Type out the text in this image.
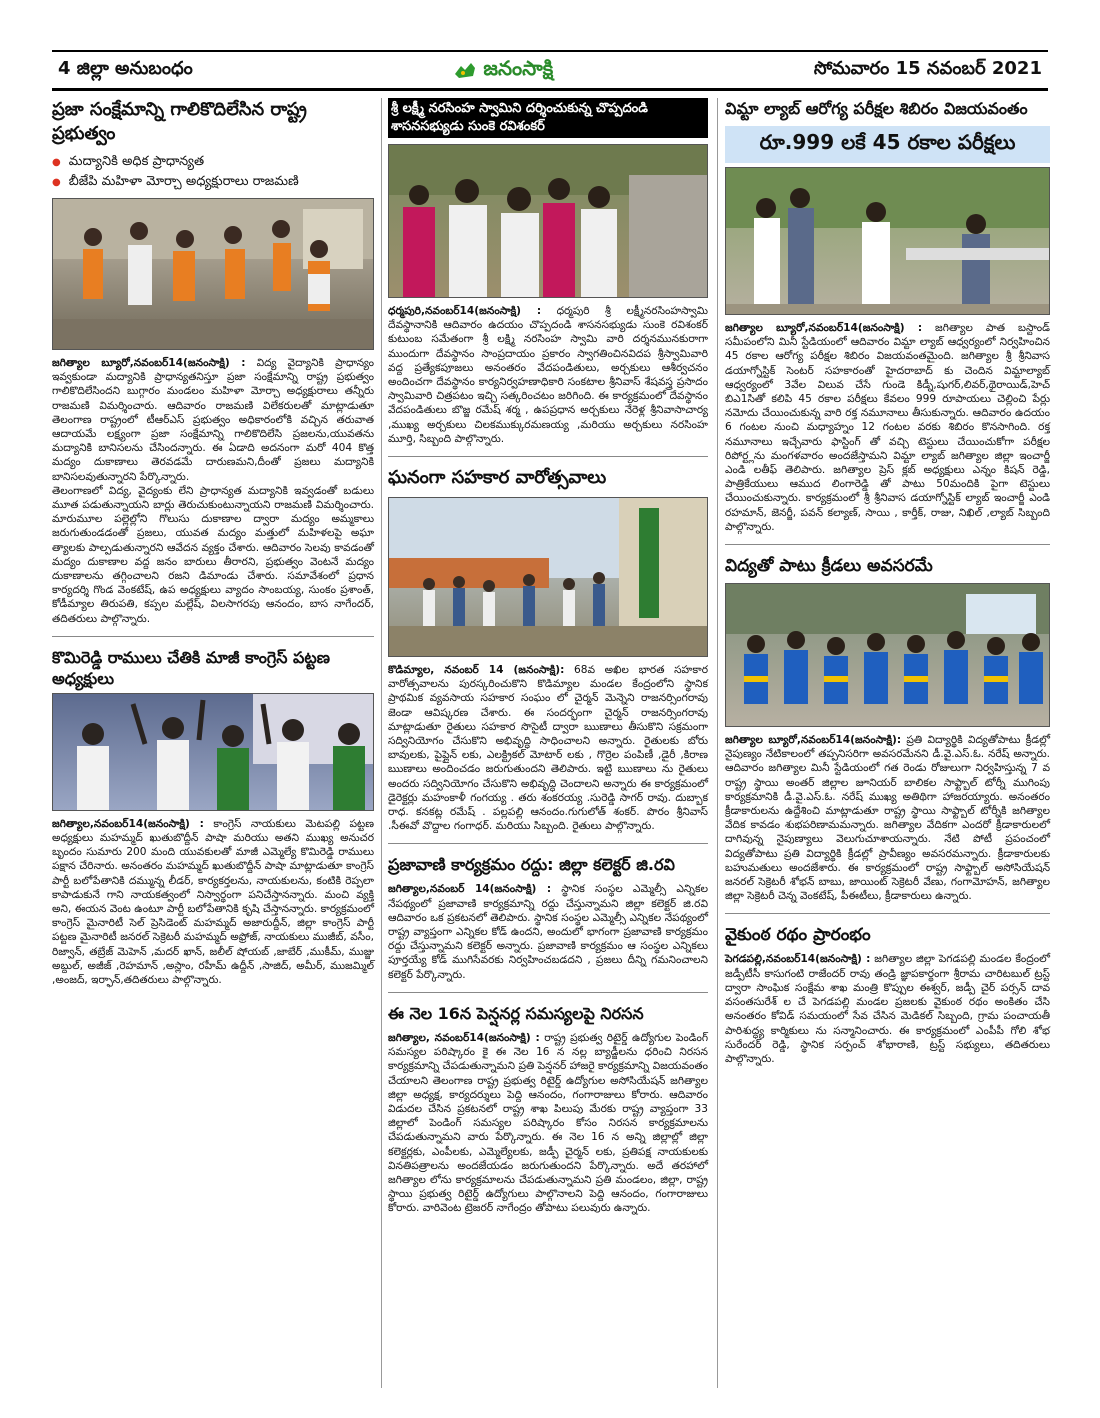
4 జిల్లా అనుబంధం	జనంసాక్షి	సోమవారం 15 నవంబర్ 2021
ప్రజా సంక్షేమాన్ని గాలికొదిలేసిన రాష్ట్ర ప్రభుత్వం
● మద్యానికి అధిక ప్రాధాన్యత
● బీజేపి మహిళా మోర్చా అధ్యక్షురాలు రాజమణి

జగిత్యాల బ్యూరో,నవంబర్14(జనంసాక్షి) : విద్య వైద్యానికి ప్రాధాన్యం ఇవ్వకుండా మద్యానికి ప్రాధాన్యతనిస్తూ ప్రజా సంక్షేమాన్ని రాష్ట్ర ప్రభుత్వం గాలికొదిలేసిందని బుగ్గారం మండలం మహిళా మోర్చా అధ్యక్షురాలు తన్నీరు రాజమణి విమర్శించారు. ఆదివారం రాజమణి విలేకరులతో మాట్లాడుతూ తెలంగాణ రాష్ట్రంలో టీఆర్ఎస్ ప్రభుత్వం అధికారంలోకి వచ్చిన తరువాత ఆదాయమే లక్ష్యంగా ప్రజా సంక్షేమాన్ని గాలికొదిలేసి ప్రజలను,యువతను మద్యానికి బానిసలను చేసిందన్నారు. ఈ ఏడాది అదనంగా మరో 404 కొత్త మద్యం దుకాణాలు తెరవడమే దారుణమని,దీంతో ప్రజలు మద్యానికి బానిసలవుతున్నారని పేర్కొన్నారు.

తెలంగాణలో విద్య, వైద్యంకు లేని ప్రాధాన్యత మద్యానికి ఇవ్వడంతో బడులు మూత పడుతున్నాయని బార్లు తెరుచుకుంటున్నాయని రాజమణి విమర్శించారు. మారుమూల పల్లెల్లోని గొలుసు దుకాణాల ద్వారా మద్యం అమ్మకాలు జరుగుతుండడంతో ప్రజలు, యువత మద్యం మత్తులో మహిళలపై అఘా త్యాలకు పాల్పడుతున్నారని ఆవేదన వ్యక్తం చేశారు. ఆదివారం సెలవు కావడంతో మద్యం దుకాణాల వద్ద జనం బారులు తీరారని, ప్రభుత్వం వెంటనే మద్యం దుకాణాలను తగ్గించాలని రజని డిమాండు చేశారు. సమావేశంలో ప్రధాన కార్యదర్శి గొండ వెంకటేష్, ఉప అధ్యక్షులు వ్యాదం సాంబయ్య, సుంకం ప్రశాంత్, కోడీమ్యాల తిరుపతి, కప్పల మల్లేష్, విలసాగరపు ఆనందం, బాస నాగేందర్, తదితరులు పాల్గొన్నారు.

కొమిరెడ్డి రాములు చేతికి మాజీ కాంగ్రెస్ పట్టణ అధ్యక్షులు

జగిత్యాల,నవంబర్14(జనంసాక్షి) : కాంగ్రెస్ నాయకులు మెటపల్లి పట్టణ అధ్యక్షులు మహమ్మద్ ఖుతుబొద్దీన్ పాషా మరియు అతని ముఖ్య అనుచర బృందం సుమారు 200 మంది యువకులతో మాజీ ఎమ్మెల్యే కొమిరెడ్డి రాములు పక్షాన చేరినారు. అనంతరం మహమ్మద్ ఖుతుబొద్దీన్ పాషా మాట్లాడుతూ కాంగ్రెస్ పార్టీ బలోపేతానికి దమ్మున్న లీడర్, కార్యకర్తలను, నాయకులను, కంటికి రెప్పలా కాపాడుకునే గాని నాయకత్వంలో నిస్వార్థంగా పనిచేస్తానన్నారు. మంచి వ్యక్తి అని, ఈయన వెంట ఉంటూ పార్టీ బలోపేతానికి కృషి చేస్తానన్నారు. కార్యక్రమంలో కాంగ్రెస్ మైనారిటీ సెల్ ప్రెసిడెంట్ మహమ్మద్ అజారుద్దీన్, జిల్లా కాంగ్రెస్ పార్టీ పట్టణ మైనారిటీ జనరల్ సెక్రెటరీ మహమ్మద్ అఫ్రోజ్, నాయకులు ముజీబ్, వసీం, రిజ్వాన్, తబ్రేజ్ మెహెన్ ,మదర్ ఖాన్, జలీల్ షోయబ్ ,జాబేర్ ,ముకీమ్, ముజ్జు అబ్దుల్, అజీజ్ ,రెహమాన్ ,అస్లాం, రహీమ్ ఉద్దీన్ ,సాజిద్, అమీర్, ముజమ్మిల్ ,అంజద్, ఇర్ఫాన్,తదితరులు పాల్గొన్నారు.

శ్రీ లక్ష్మీ నరసింహ స్వామిని దర్శించుకున్న చొప్పదండి శాసనసభ్యుడు సుంకె రవిశంకర్

ధర్మపురి,నవంబర్14(జనంసాక్షి) : ధర్మపురి శ్రీ లక్ష్మీనరసింహస్వామి దేవస్థానానికి ఆదివారం ఉదయం చొప్పదండి శాసనసభ్యుడు సుంకె రవిశంకర్ కుటుంబ సమేతంగా శ్రీ లక్ష్మి నరసింహ స్వామి వారి దర్శనమునకురాగా ముందుగా దేవస్థానం సాంప్రదాయం ప్రకారం స్వాగతించినవిదప శ్రీస్వామివారి వద్ద ప్రత్యేకపూజలు అనంతరం వేదపండితులు, అర్చకులు ఆశీర్వచనం అందించగా దేవస్థానం కార్యనిర్వహణాధికారి సంకటాల శ్రీనివాస్ శేషవస్త్ర ప్రసాదం స్వామివారి చిత్రపటం ఇచ్చి సత్కరించటం జరిగింది. ఈ కార్యక్రమంలో దేవస్థానం వేదపండితులు బొజ్జ రమేష్ శర్మ , ఉపప్రధాన అర్చకులు నేరెళ్ల శ్రీనివాసాచార్య ,ముఖ్య అర్చకులు చిలకముక్కురమణయ్య ,మరియు అర్చకులు నరసింహ మూర్తి, సిబ్బంది పాల్గొన్నారు.

ఘనంగా సహకార వారోత్సవాలు

కొడిమ్యాల, నవంబర్ 14 (జనంసాక్షి): 68వ అఖిల భారత సహకార వారోత్సవాలను పురస్కరించుకొని కొడిమ్యాల మండల కేంద్రంలోని స్థానిక ప్రాథమిక వ్యవసాయ సహకార సంఘం లో చైర్మన్ మెన్నెని రాజనర్సింగరావు జెండా ఆవిష్కరణ చేశారు. ఈ సందర్భంగా చైర్మన్ రాజనర్సింగరావు మాట్లాడుతూ రైతులు సహకార సొసైటీ ద్వారా ఋణాలు తీసుకొని సక్రమంగా సద్వినియోగం చేసుకొని అభివృద్ధి సాధించాలని అన్నారు. రైతులకు బోరు బావులకు, పైప్లైన్ లకు, ఎలక్ట్రికల్ మోటార్ లకు , గొర్రెల పంపిణీ ,డైరీ ,కిరాణ ఋణాలు అందించడం జరుగుతుందని తెలిపారు. ఇట్టి ఋణాలు ను రైతులు అందరు సద్వినియోగం చేసుకొని అభివృద్ధి చెందాలని అన్నారు ఈ కార్యక్రమంలో డైరెక్టర్లు మహంకాళీ గంగయ్య . తరు శంకరయ్య .సురెడ్డి సాగర్ రావు. దుబ్బాక రాధ. కనకట్ల రమేష్ . పల్లపల్లి ఆనందం.గుగులోత్ శంకర్. పొరం శ్రీనివాస్ .సీఈవో వొద్దాల గంగాధర్. మరియు సిబ్బంది. రైతులు పాల్గొన్నారు.

ప్రజావాణి కార్యక్రమం రద్దు: జిల్లా కలెక్టర్ జి.రవి

జగిత్యాల,నవంబర్ 14(జనంసాక్షి) : స్థానిక సంస్థల ఎమ్మెల్సీ ఎన్నికల నేపథ్యంలో ప్రజావాణి కార్యక్రమాన్ని రద్దు చేస్తున్నామని జిల్లా కలెక్టర్ జి.రవి ఆదివారం ఒక ప్రకటనలో తెలిపారు. స్థానిక సంస్థల ఎమ్మెల్సీ ఎన్నికల నేపథ్యంలో రాష్ట్ర వ్యాప్తంగా ఎన్నికల కోడ్ ఉందని, అందులో భాగంగా ప్రజావాణి కార్యక్రమం రద్దు చేస్తున్నామని కలెక్టర్ అన్నారు. ప్రజావాణి కార్యక్రమం ఆ సంస్థల ఎన్నికలు పూర్తయ్యే కోడ్ ముగిసేవరకు నిర్వహించబడదని , ప్రజలు దీన్ని గమనించాలని కలెక్టర్ పేర్కొన్నారు.

ఈ నెల 16న పెన్షనర్ల సమస్యలపై నిరసన

జగిత్యాల, నవంబర్14(జనంసాక్షి) : రాష్ట్ర ప్రభుత్వ రిటైర్డ్ ఉద్యోగుల పెండింగ్ సమస్యల పరిష్కారం కై ఈ నెల 16 న నల్ల బ్యాడ్జీలను ధరించి నిరసన కార్యక్రమాన్ని చేపడుతున్నామని ప్రతి పెన్షనర్ హాజరై కార్యక్రమాన్ని విజయవంతం చేయాలని తెలంగాణ రాష్ట్ర ప్రభుత్వ రిటైర్డ్ ఉద్యోగుల అసోసియేషన్ జగిత్యాల జిల్లా అధ్యక్ష, కార్యదర్శులు పెద్ది ఆనందం, గంగారాజులు కోరారు. ఆదివారం విడుదల చేసిన ప్రకటనలో రాష్ట్ర శాఖ పిలుపు మేరకు రాష్ట్ర వ్యాప్తంగా 33 జిల్లాలో పెండింగ్ సమస్యల పరిష్కారం కోసం నిరసన కార్యక్రమాలను చేపడుతున్నామని వారు పేర్కొన్నారు. ఈ నెల 16 న అన్ని జిల్లాల్లో జిల్లా కలెక్టర్లకు, ఎంపీలకు, ఎమ్మెల్యేలకు, జడ్పీ చైర్మన్ లకు, ప్రతిపక్ష నాయకులకు వినతిపత్రాలను అందజేయడం జరుగుతుందని పేర్కొన్నారు. అదే తరహాలో జగిత్యాల లోను కార్యక్రమాలను చేపడుతున్నామని ప్రతి మండలం, జిల్లా, రాష్ట్ర స్థాయి ప్రభుత్వ రిటైర్డ్ ఉద్యోగులు పాల్గొనాలని పెద్ది ఆనందం, గంగారాజులు కోరారు. వారివెంట ట్రెజరర్ నాగేంద్రం తోపాటు పలువురు ఉన్నారు.

విమ్టా ల్యాబ్ ఆరోగ్య పరీక్షల శిబిరం విజయవంతం
రూ.999 లకే 45 రకాల పరీక్షలు

జగిత్యాల బ్యూరో,నవంబర్14(జనంసాక్షి) : జగిత్యాల పాత బస్టాండ్ సమీపంలోని మినీ స్టేడియంలో ఆదివారం విమ్టా ల్యాబ్ ఆధ్వర్యంలో నిర్వహించిన 45 రకాల ఆరోగ్య పరీక్షల శిబిరం విజయవంతమైంది. జగిత్యాల శ్రీ శ్రీనివాస డయాగ్నోస్టిక్ సెంటర్ సహకారంతో హైదరాబాద్ కు చెందిన విమ్టాల్యాబ్ ఆధ్వర్యంలో 3వేల విలువ చేసే గుండె కిడ్నీ,షుగర్,లివర్,థైరాయిడ్,హెచ్ బిఎ1సితో కలిపి 45 రకాల పరీక్షలు కేవలం 999 రూపాయలు చెల్లించి పేర్లు నమోదు చేయించుకున్న వారి రక్త నమూనాలు తీసుకున్నారు. ఆదివారం ఉదయం 6 గంటల నుంచి మధ్యాహ్నం 12 గంటల వరకు శిబిరం కొనసాగింది. రక్త నమూనాలు ఇచ్చేవారు ఫాస్టింగ్ తో వచ్చి టెస్టులు చేయించుకోగా పరీక్షల రిపోర్ట్లను మంగళవారం అందజేస్తామని విమ్టా ల్యాబ్ జగిత్యాల జిల్లా ఇంచార్జీ ఎండి లతీఫ్ తెలిపారు. జగిత్యాల ప్రెస్ క్లబ్ అధ్యక్షులు ఎన్నం కిషన్ రెడ్డి, పాత్రికేయులు ఆముద లింగారెడ్డి తో పాటు 50మందికి పైగా టెస్టులు చేయించుకున్నారు. కార్యక్రమంలో శ్రీ శ్రీనివాస డయాగ్నోస్టిక్ ల్యాబ్ ఇంచార్జీ ఎండి రహమాన్, జెనర్జీ, పవన్ కల్యాణ్, సాయి , కార్తీక్, రాజు, నిఖిల్ ,ల్యాబ్ సిబ్బంది పాల్గొన్నారు.

విద్యతో పాటు క్రీడలు అవసరమే

జగిత్యాల బ్యూరో,నవంబర్14(జనంసాక్షి): ప్రతి విద్యార్థికి విద్యతోపాటు క్రీడల్లో నైపుణ్యం నేటికాలంలో తప్పనిసరిగా అవసరమేనని డీ.వై.ఎస్.ఓ. నరేష్ అన్నారు. ఆదివారం జగిత్యాల మినీ స్టేడియంలో గత రెండు రోజులుగా నిర్వహిస్తున్న 7 వ రాష్ట్ర స్థాయి అంతర్ జిల్లాల జూనియర్ బాలికల సాఫ్ట్బాల్ టోర్నీ ముగింపు కార్యక్రమానికి డీ.వై.ఎస్.ఓ. నరేష్ ముఖ్య అతిథిగా హాజరయ్యారు. అనంతరం క్రీడాకారులను ఉద్దేశించి మాట్లాడుతూ రాష్ట్ర స్థాయి సాఫ్ట్బాల్ టోర్నీకి జగిత్యాల వేదిక కావడం శుభపరిణామమన్నారు. జగిత్యాల వేదికగా ఎందరో క్రీడాకారులలో దాగివున్న నైపుణ్యాలు వెలుగుచూశాయన్నారు. నేటి పోటీ ప్రపంచంలో విద్యతోపాటు ప్రతి విద్యార్థికి క్రీడల్లో ప్రావీణ్యం అవసరమన్నారు. క్రీడాకారులకు బహుమతులు అందజేశారు. ఈ కార్యక్రమంలో రాష్ట్ర సాఫ్ట్బాల్ అసోసియేషన్ జనరల్ సెక్రెటరీ శోభన్ బాబు, జాయింట్ సెక్రెటరీ వేణు, గంగామోహన్, జగిత్యాల జిల్లా సెక్రెటరీ చెన్న వెంకటేష్, పీఈటీలు, క్రీడాకారులు ఉన్నారు.

వైకుంఠ రథం ప్రారంభం

పెగడపల్లి,నవంబర్14(జనంసాక్షి) : జగిత్యాల జిల్లా పెగడపల్లి మండల కేంద్రంలో జడ్పీటీసీ కాసుగంటి రాజేందర్ రావు తండ్రి జ్ఞాపకార్థంగా శ్రీరామ చారిటబుల్ ట్రస్ట్ ద్వారా సాంఘిక సంక్షేమ శాఖ మంత్రి కొప్పుల ఈశ్వర్, జడ్పీ చైర్ పర్సన్ దావ వసంతసురేశ్ ల చే పెగడపల్లి మండల ప్రజలకు వైకుంఠ రథం అంకితం చేసి అనంతరం కోవిడ్ సమయంలో సేవ చేసిన మెడికల్ సిబ్బంది, గ్రామ పంచాయతీ పారిశుద్ధ్య కార్మికులు ను సన్మానించారు. ఈ కార్యక్రమంలో ఎంపీపీ గోలి శోభ సురేందర్ రెడ్డి, స్థానిక సర్పంచ్ శోభారాణి, ట్రస్ట్ సభ్యులు, తదితరులు పాల్గొన్నారు.
